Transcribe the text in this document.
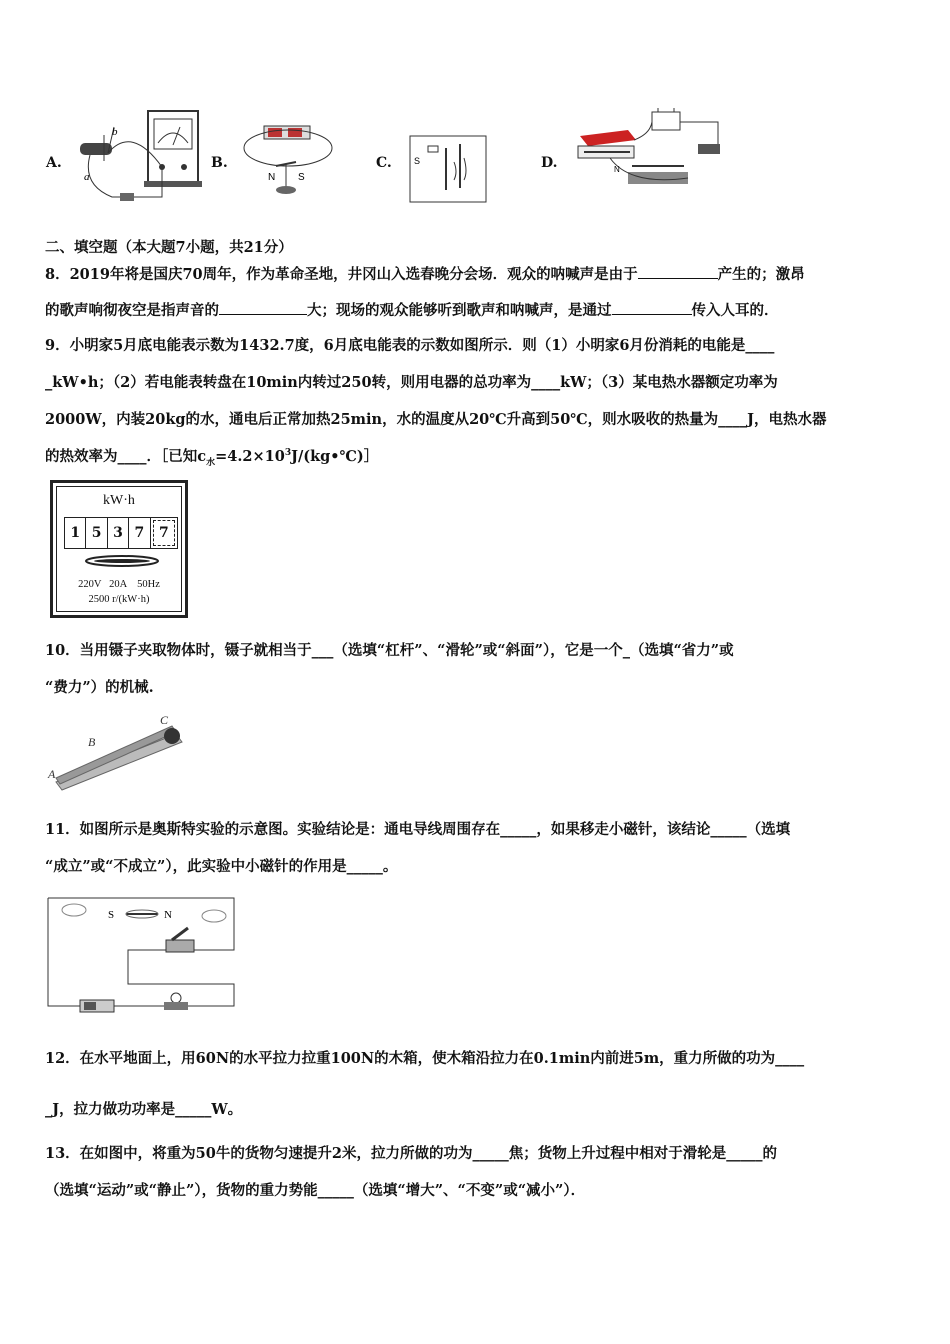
A.
b
a
B.
N S
C. S	D.	N
二、填空题（本大题7小题，共21分）
8．2019年将是国庆70周年，作为革命圣地，井冈山入选春晚分会场．观众的呐喊声是由于	产生的；激昂
的歌声响彻夜空是指声音的	大；现场的观众能够听到歌声和呐喊声，是通过	传入人耳的．
9．小明家5月底电能表示数为1432.7度，6月底电能表的示数如图所示．则（1）小明家6月份消耗的电能是____
_kW•h；（2）若电能表转盘在10min内转过250转，则用电器的总功率为____kW；（3）某电热水器额定功率为
2000W，内装20kg的水，通电后正常加热25min，水的温度从20℃升高到50℃，则水吸收的热量为____J，电热水器
的热效率为____．［已知$c_水=4.2\times 10^3J/(kg•℃)]$
kW·h
1 5 3 7	7
220V   20A    50Hz
2500 r/(kW·h)
10．当用镊子夹取物体时，镊子就相当于___（选填“杠杆”、“滑轮”或“斜面”），它是一个_（选填“省力”或
“费力”）的机械.
A
B
C
11．如图所示是奥斯特实验的示意图。实验结论是：通电导线周围存在_____，如果移走小磁针，该结论_____（选填
“成立”或“不成立”），此实验中小磁针的作用是_____。
S	N
12．在水平地面上，用60N的水平拉力拉重100N的木箱，使木箱沿拉力在0.1min内前进5m，重力所做的功为____
_J，拉力做功功率是_____W。
13．在如图中，将重为50牛的货物匀速提升2米，拉力所做的功为_____焦；货物上升过程中相对于滑轮是_____的
（选填“运动”或“静止”），货物的重力势能_____（选填“增大”、“不变”或“减小”）．
